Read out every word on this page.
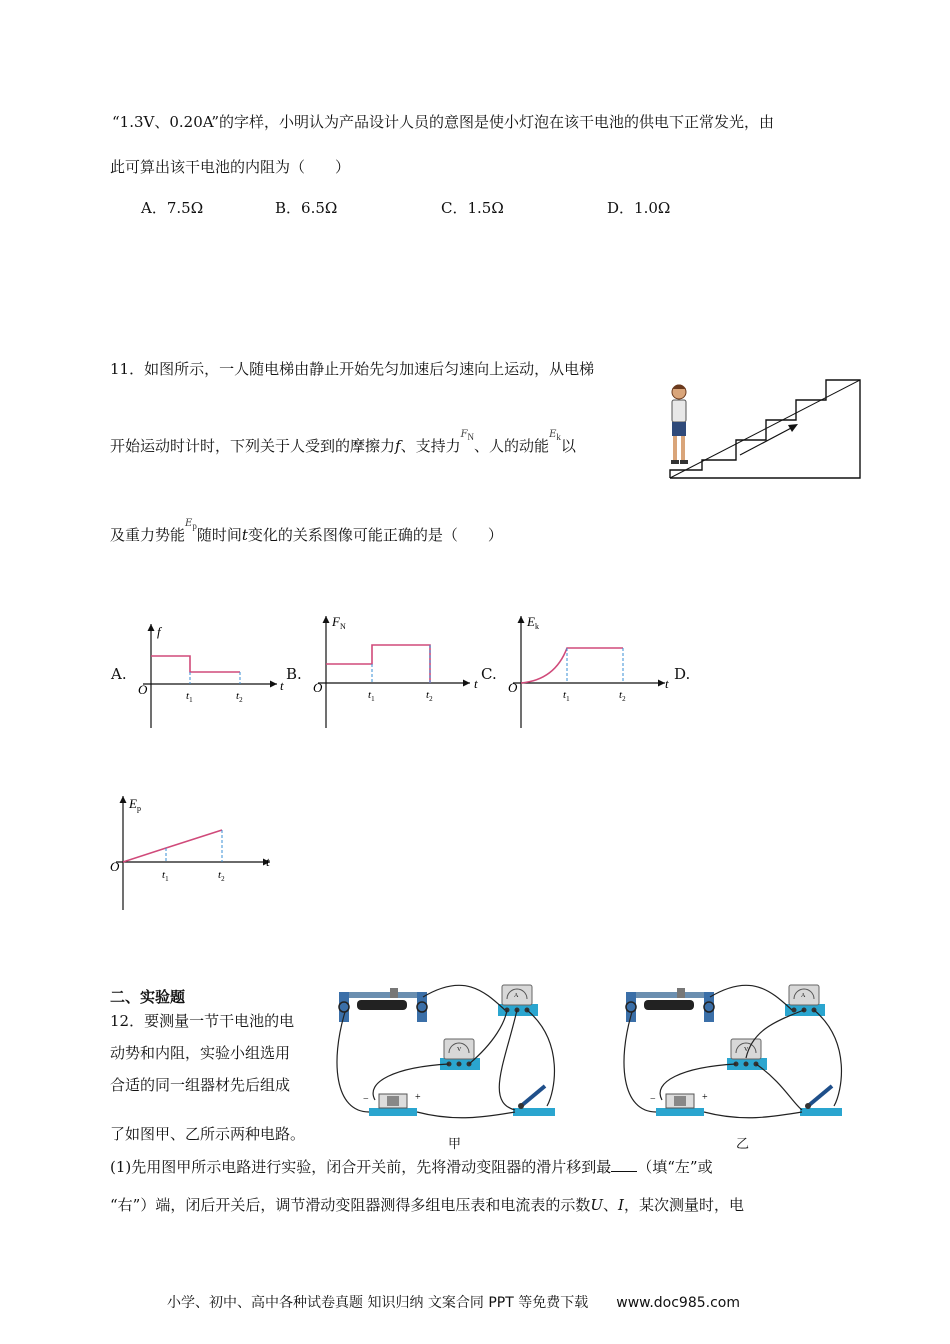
“1.3V、0.20A”的字样，小明认为产品设计人员的意图是使小灯泡在该干电池的供电下正常发光，由
此可算出该干电池的内阻为（　　）
A．7.5Ω	B．6.5Ω	C．1.5Ω	D．1.0Ω
11．如图所示，一人随电梯由静止开始先匀加速后匀速向上运动，从电梯
开始运动时计时，下列关于人受到的摩擦力f、支持力$^{F_N}$、人的动能$^{E_k}$以
及重力势能$^{E_p}$随时间t变化的关系图像可能正确的是（　　）
A.	B.	C.	D.
f
O	t
$t_1$	$t_2$
$F_N$
O	t
$t_1$	$t_2$
$E_k$
O	t
$t_1$	$t_2$
$E_p$
O	t
$t_1$	$t_2$
二、实验题
12．要测量一节干电池的电
动势和内阻，实验小组选用
合适的同一组器材先后组成
了如图甲、乙所示两种电路。
A
V
−	+
甲
A
V
−	+
乙
(1)先用图甲所示电路进行实验，闭合开关前，先将滑动变阻器的滑片移到最 （填“左”或
“右”）端，闭后开关后，调节滑动变阻器测得多组电压表和电流表的示数U、I，某次测量时，电
小学、初中、高中各种试卷真题 知识归纳 文案合同 PPT 等免费下载 www.doc985.com
